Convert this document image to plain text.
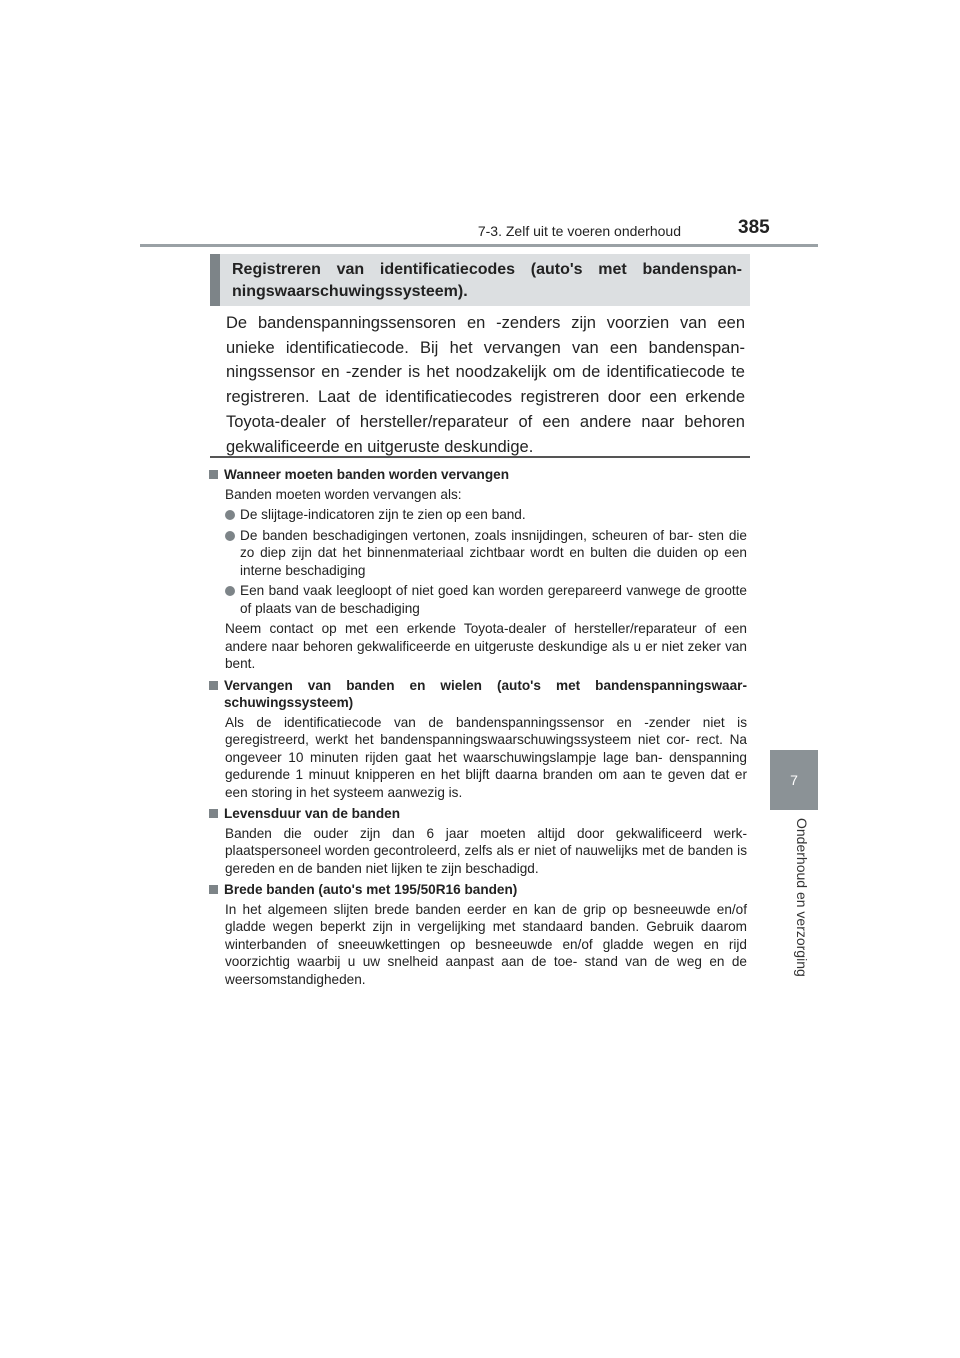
7-3. Zelf uit te voeren onderhoud	385
7
Onderhoud en verzorging
Registreren van identificatiecodes (auto's met bandenspan- ningswaarschuwingssysteem).
De bandenspanningssensoren en -zenders zijn voorzien van een unieke identificatiecode. Bij het vervangen van een bandenspan- ningssensor en -zender is het noodzakelijk om de identificatiecode te registreren. Laat de identificatiecodes registreren door een erkende Toyota-dealer of hersteller/reparateur of een andere naar behoren gekwalificeerde en uitgeruste deskundige.
Wanneer moeten banden worden vervangen

Banden moeten worden vervangen als:

De slijtage-indicatoren zijn te zien op een band.
De banden beschadigingen vertonen, zoals insnijdingen, scheuren of bar- sten die zo diep zijn dat het binnenmateriaal zichtbaar wordt en bulten die duiden op een interne beschadiging
Een band vaak leegloopt of niet goed kan worden gerepareerd vanwege de grootte of plaats van de beschadiging

Neem contact op met een erkende Toyota-dealer of hersteller/reparateur of een andere naar behoren gekwalificeerde en uitgeruste deskundige als u er niet zeker van bent.

Vervangen van banden en wielen (auto's met bandenspanningswaar- schuwingssysteem)

Als de identificatiecode van de bandenspanningssensor en -zender niet is geregistreerd, werkt het bandenspanningswaarschuwingssysteem niet cor- rect. Na ongeveer 10 minuten rijden gaat het waarschuwingslampje lage ban- denspanning gedurende 1 minuut knipperen en het blijft daarna branden om aan te geven dat er een storing in het systeem aanwezig is.

Levensduur van de banden

Banden die ouder zijn dan 6 jaar moeten altijd door gekwalificeerd werk- plaatspersoneel worden gecontroleerd, zelfs als er niet of nauwelijks met de banden is gereden en de banden niet lijken te zijn beschadigd.

Brede banden (auto's met 195/50R16 banden)

In het algemeen slijten brede banden eerder en kan de grip op besneeuwde en/of gladde wegen beperkt zijn in vergelijking met standaard banden. Gebruik daarom winterbanden of sneeuwkettingen op besneeuwde en/of gladde wegen en rijd voorzichtig waarbij u uw snelheid aanpast aan de toe- stand van de weg en de weersomstandigheden.
